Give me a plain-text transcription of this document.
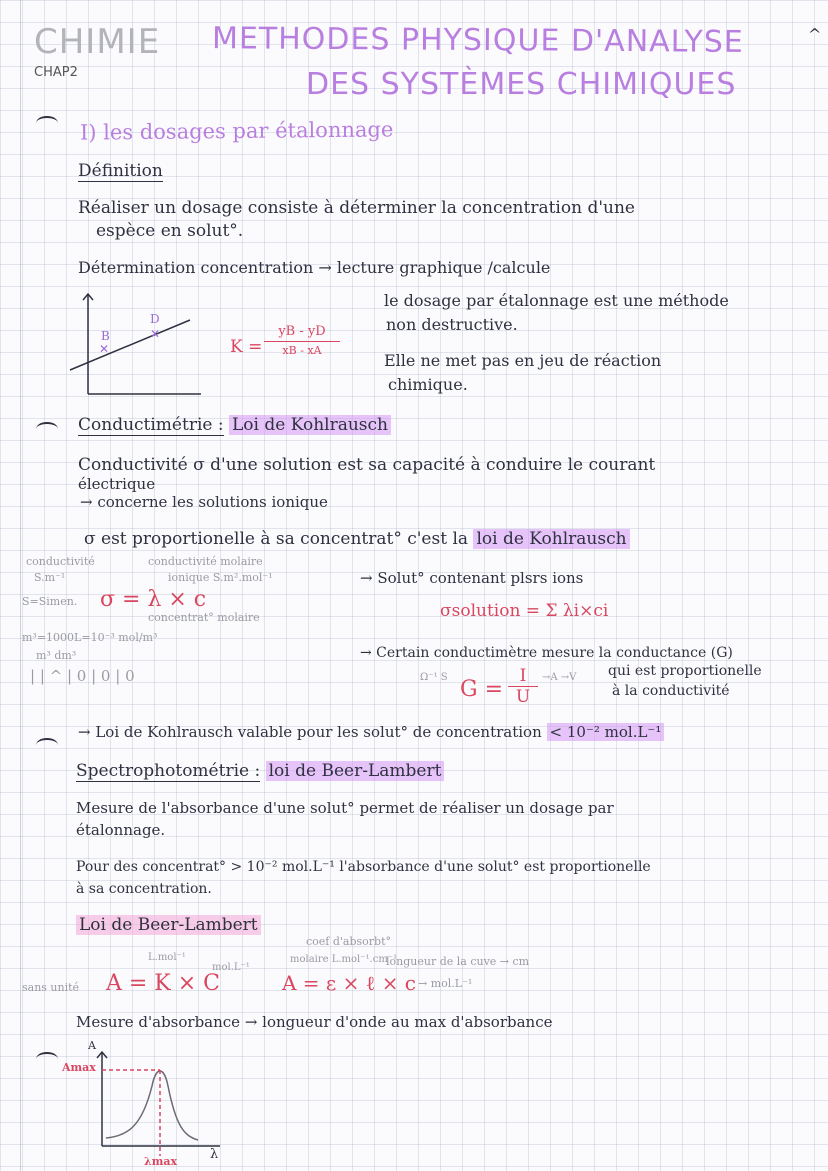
CHIMIE
CHAP2
METHODES PHYSIQUE D'ANALYSE
DES SYSTÈMES CHIMIQUES
^
I) les dosages par étalonnage
Définition
Réaliser un dosage consiste à déterminer la concentration d'une
espèce en solut°.
Détermination concentration → lecture graphique /calcule
✕
✕
B
D
K =
yB - yD
xB - xA
le dosage par étalonnage est une méthode
non destructive.
Elle ne met pas en jeu de réaction
chimique.
Conductimétrie : Loi de Kohlrausch
Conductivité σ d'une solution est sa capacité à conduire le courant
électrique
→ concerne les solutions ionique
σ est proportionelle à sa concentrat° c'est la loi de Kohlrausch
conductivité
S.m⁻¹
conductivité molaire
ionique S.m².mol⁻¹
S=Simen. σ = λ × c
concentrat° molaire
m³=1000L=10⁻³ mol/m³
m³ dm³
| | ^ | 0 | 0 | 0
→ Solut° contenant plsrs ions
σsolution = Σ λi×ci
→ Certain conductimètre mesure la conductance (G)
Ω⁻¹ S $G = \frac{I}{U} \to A \to V$ qui est proportionelle
à la conductivité
→ Loi de Kohlrausch valable pour les solut° de concentration < 10⁻² mol.L⁻¹
Spectrophotométrie : loi de Beer-Lambert
Mesure de l'absorbance d'une solut° permet de réaliser un dosage par
étalonnage.
Pour des concentrat° > 10⁻² mol.L⁻¹ l'absorbance d'une solut° est proportionelle
à sa concentration.
Loi de Beer-Lambert
sans unité
L.mol⁻¹
mol.L⁻¹
A = K × C
coef d'absorbt°
molaire L.mol⁻¹.cm⁻¹
longueur de la cuve → cm
A = ε × ℓ × c → mol.L⁻¹
Mesure d'absorbance → longueur d'onde au max d'absorbance
A
Amax
λ
λmax
